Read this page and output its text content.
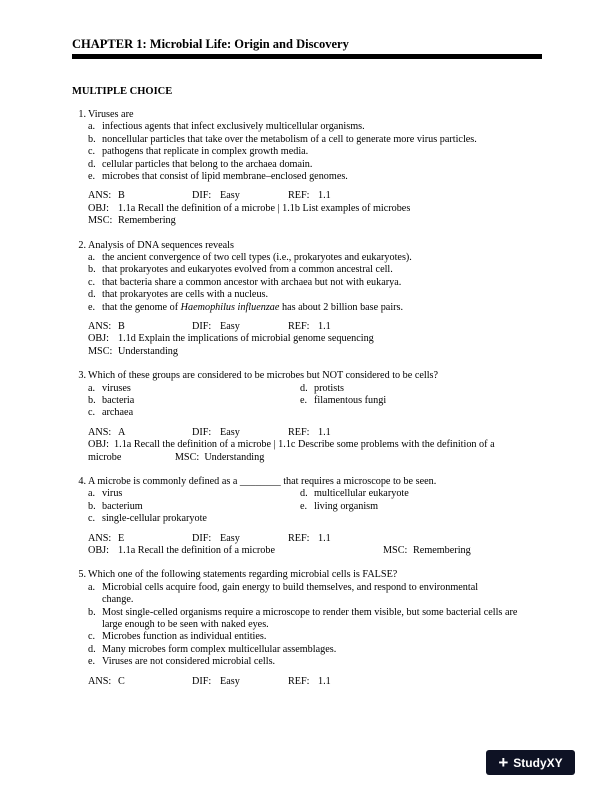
CHAPTER 1: Microbial Life: Origin and Discovery
MULTIPLE CHOICE
1. Viruses are
a. infectious agents that infect exclusively multicellular organisms.
b. noncellular particles that take over the metabolism of a cell to generate more virus particles.
c. pathogens that replicate in complex growth media.
d. cellular particles that belong to the archaea domain.
e. microbes that consist of lipid membrane–enclosed genomes.
ANS: B	DIF: Easy	REF: 1.1
OBJ: 1.1a Recall the definition of a microbe | 1.1b List examples of microbes
MSC: Remembering
2. Analysis of DNA sequences reveals
a. the ancient convergence of two cell types (i.e., prokaryotes and eukaryotes).
b. that prokaryotes and eukaryotes evolved from a common ancestral cell.
c. that bacteria share a common ancestor with archaea but not with eukarya.
d. that prokaryotes are cells with a nucleus.
e. that the genome of Haemophilus influenzae has about 2 billion base pairs.
ANS: B	DIF: Easy	REF: 1.1
OBJ: 1.1d Explain the implications of microbial genome sequencing
MSC: Understanding
3. Which of these groups are considered to be microbes but NOT considered to be cells?
a. viruses	d. protists
b. bacteria	e. filamentous fungi
c. archaea
ANS: A	DIF: Easy	REF: 1.1
OBJ: 1.1a Recall the definition of a microbe | 1.1c Describe some problems with the definition of a microbe	MSC: Understanding
4. A microbe is commonly defined as a ________ that requires a microscope to be seen.
a. virus	d. multicellular eukaryote
b. bacterium	e. living organism
c. single-cellular prokaryote
ANS: E	DIF: Easy	REF: 1.1
OBJ: 1.1a Recall the definition of a microbe	MSC: Remembering
5. Which one of the following statements regarding microbial cells is FALSE?
a. Microbial cells acquire food, gain energy to build themselves, and respond to environmental change.
b. Most single-celled organisms require a microscope to render them visible, but some bacterial cells are large enough to be seen with naked eyes.
c. Microbes function as individual entities.
d. Many microbes form complex multicellular assemblages.
e. Viruses are not considered microbial cells.
ANS: C	DIF: Easy	REF: 1.1
+ Study XY
